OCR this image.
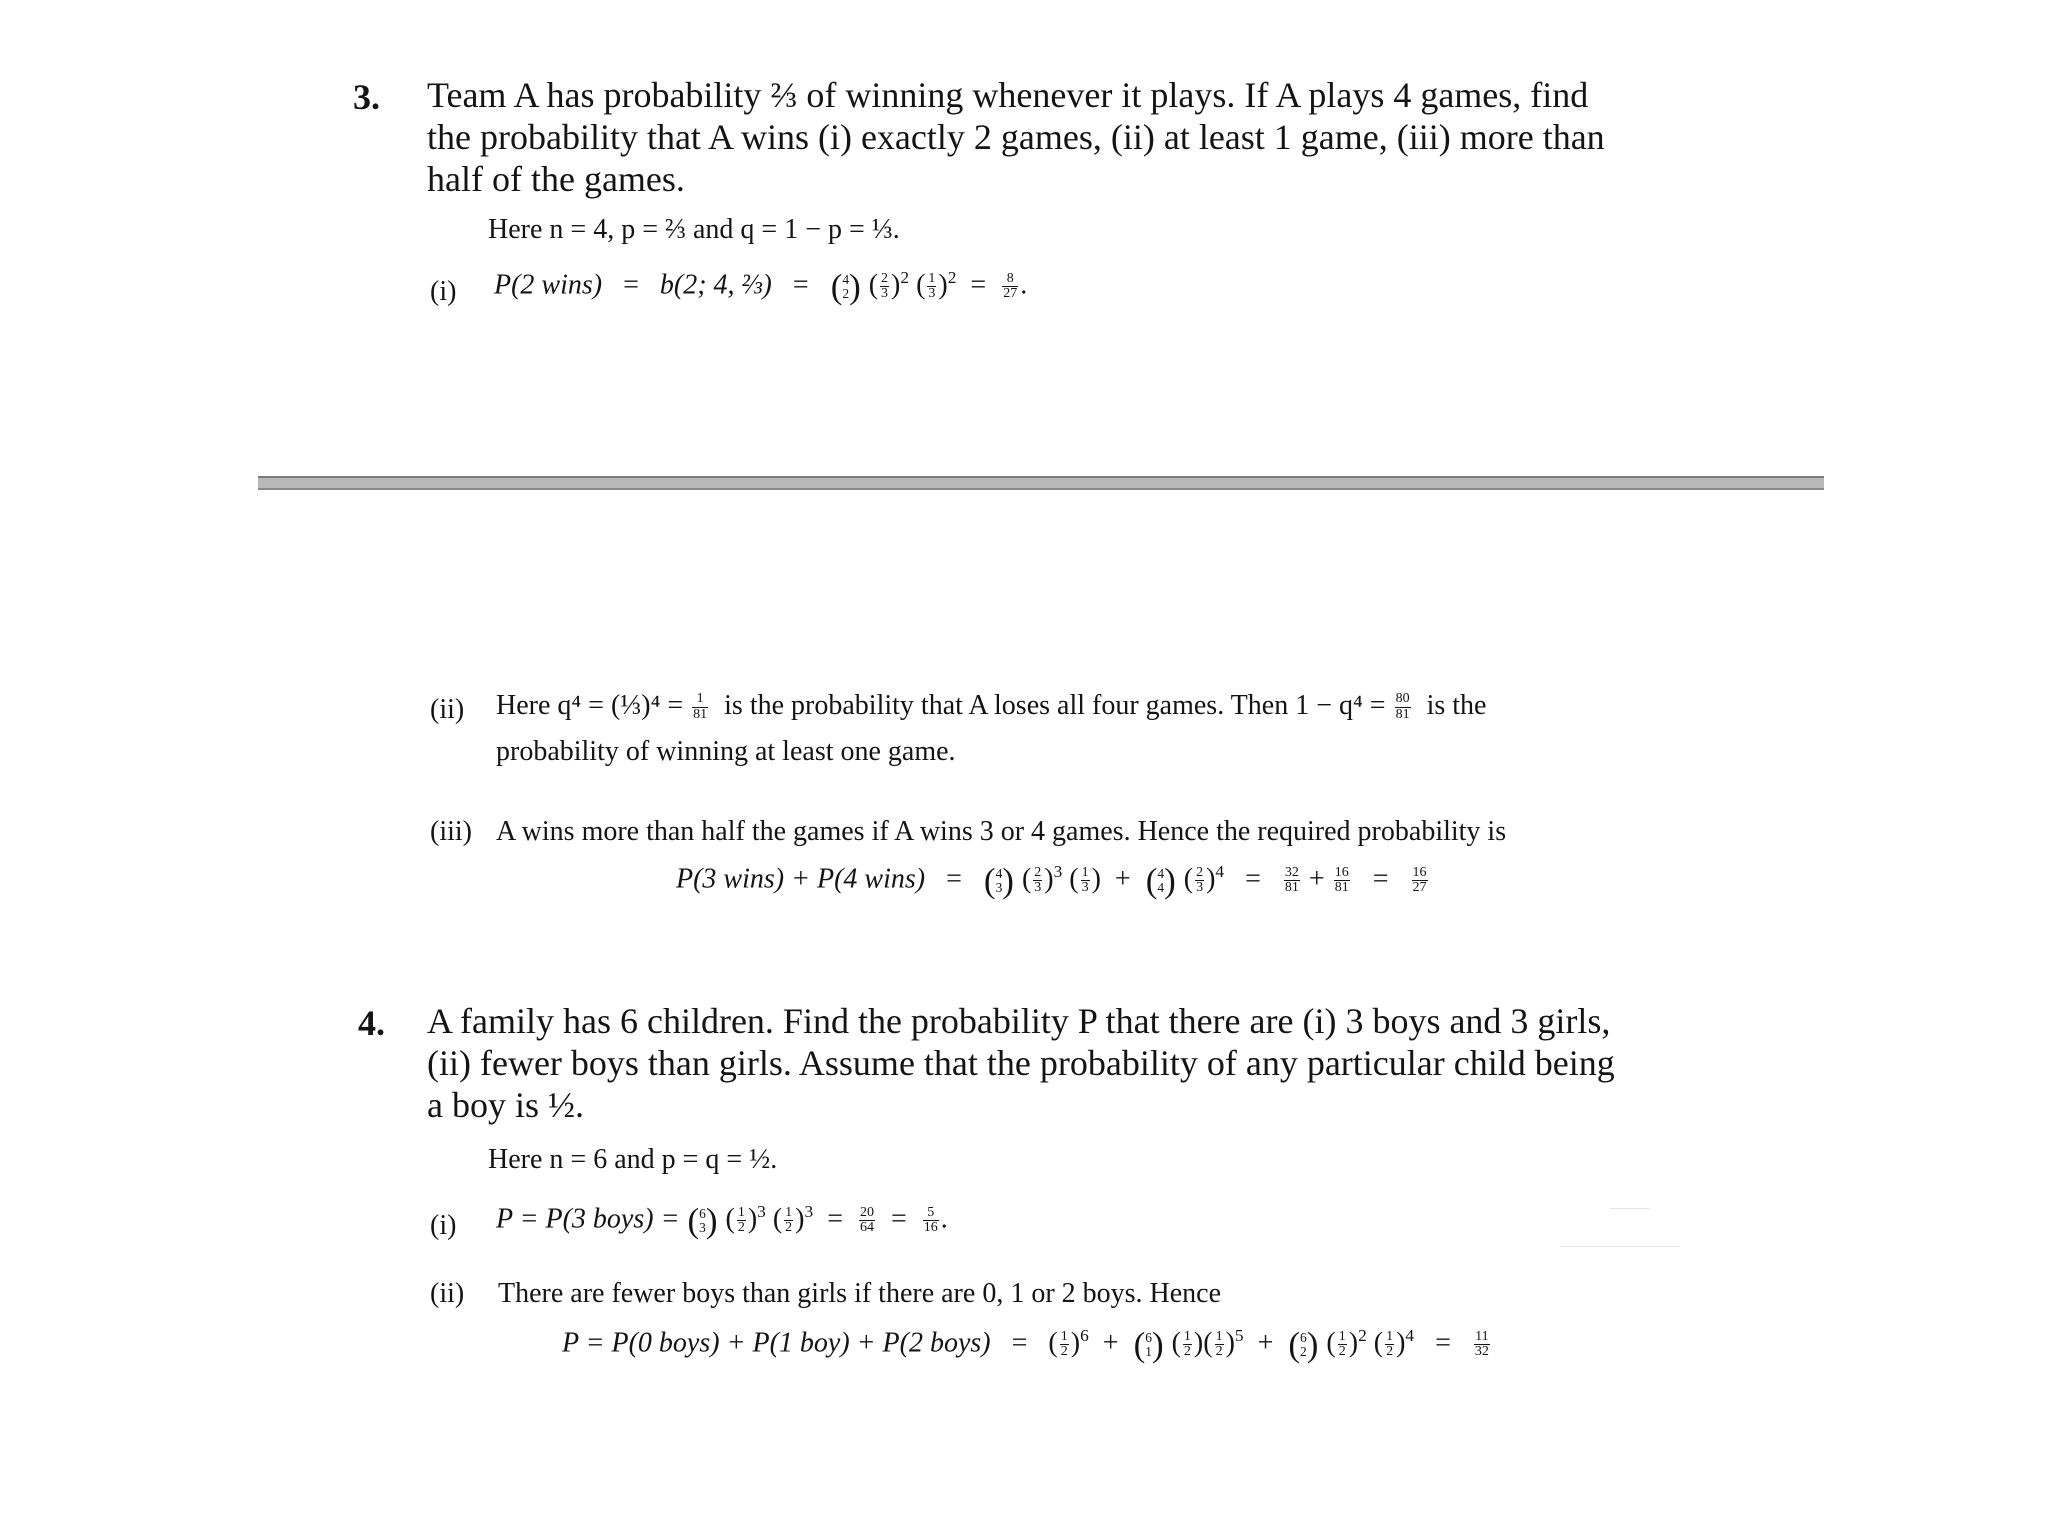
3. Team A has probability ⅔ of winning whenever it plays. If A plays 4 games, find
the probability that A wins (i) exactly 2 games, (ii) at least 1 game, (iii) more than
half of the games.
Here n = 4, p = ⅔ and q = 1 − p = ⅓.
(i) P(2 wins)   =   b(2; 4, ⅔)   = ( 4
2 ) ( $\frac{2}{3} )^2$ ( $\frac{1}{3} )^2 = \frac{8}{27}$ .
(ii) Here q⁴ = (⅓)⁴ = $\frac{1}{81}$ is the probability that A loses all four games. Then $1 - q^4 = \frac{80}{81}$ is the
probability of winning at least one game.
(iii) A wins more than half the games if A wins 3 or 4 games. Hence the required probability is
P(3 wins) + P(4 wins)   = ( 4
3 ) ( $\frac{2}{3} )^3$ ( $\frac{1}{3}$ )  + ( 4
4 ) ( $\frac{2}{3} )^4 = \frac{32}{81} + \frac{16}{81} = \frac{16}{27}$
4. A family has 6 children. Find the probability P that there are (i) 3 boys and 3 girls,
(ii) fewer boys than girls. Assume that the probability of any particular child being
a boy is ½.
Here n = 6 and p = q = ½.
(i) P = P(3 boys) = ( 6
3 ) ( $\frac{1}{2} )^3$ ( $\frac{1}{2} )^3 = \frac{20}{64} = \frac{5}{16}$ .
(ii) There are fewer boys than girls if there are 0, 1 or 2 boys. Hence
P = P(0 boys) + P(1 boy) + P(2 boys)   =   ( $\frac{1}{2} )^6$  + ( 6
1 ) ( $\frac{1}{2}$ )( $\frac{1}{2} )^5$  + ( 6
2 ) ( $\frac{1}{2} )^2$ ( $\frac{1}{2} )^4 = \frac{11}{32}$
